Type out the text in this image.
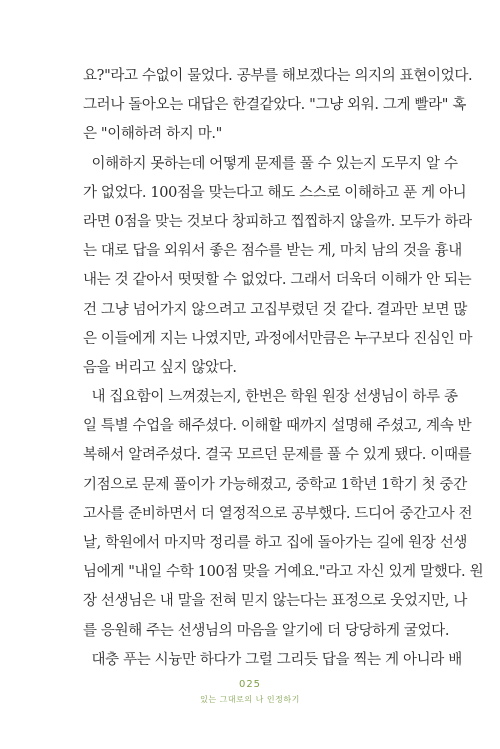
요?"라고 수없이 물었다. 공부를 해보겠다는 의지의 표현이었다.
그러나 돌아오는 대답은 한결같았다. "그냥 외워. 그게 빨라" 혹
은 "이해하려 하지 마."
이해하지 못하는데 어떻게 문제를 풀 수 있는지 도무지 알 수
가 없었다. 100점을 맞는다고 해도 스스로 이해하고 푼 게 아니
라면 0점을 맞는 것보다 창피하고 찝찝하지 않을까. 모두가 하라
는 대로 답을 외워서 좋은 점수를 받는 게, 마치 남의 것을 흉내
내는 것 같아서 떳떳할 수 없었다. 그래서 더욱더 이해가 안 되는
건 그냥 넘어가지 않으려고 고집부렸던 것 같다. 결과만 보면 많
은 이들에게 지는 나였지만, 과정에서만큼은 누구보다 진심인 마
음을 버리고 싶지 않았다.
내 집요함이 느껴졌는지, 한번은 학원 원장 선생님이 하루 종
일 특별 수업을 해주셨다. 이해할 때까지 설명해 주셨고, 계속 반
복해서 알려주셨다. 결국 모르던 문제를 풀 수 있게 됐다. 이때를
기점으로 문제 풀이가 가능해졌고, 중학교 1학년 1학기 첫 중간
고사를 준비하면서 더 열정적으로 공부했다. 드디어 중간고사 전
날, 학원에서 마지막 정리를 하고 집에 돌아가는 길에 원장 선생
님에게 "내일 수학 100점 맞을 거예요."라고 자신 있게 말했다. 원
장 선생님은 내 말을 전혀 믿지 않는다는 표정으로 웃었지만, 나
를 응원해 주는 선생님의 마음을 알기에 더 당당하게 굴었다.
대충 푸는 시늉만 하다가 그럴 그리듯 답을 찍는 게 아니라 배
025
있는 그대로의 나 인정하기
